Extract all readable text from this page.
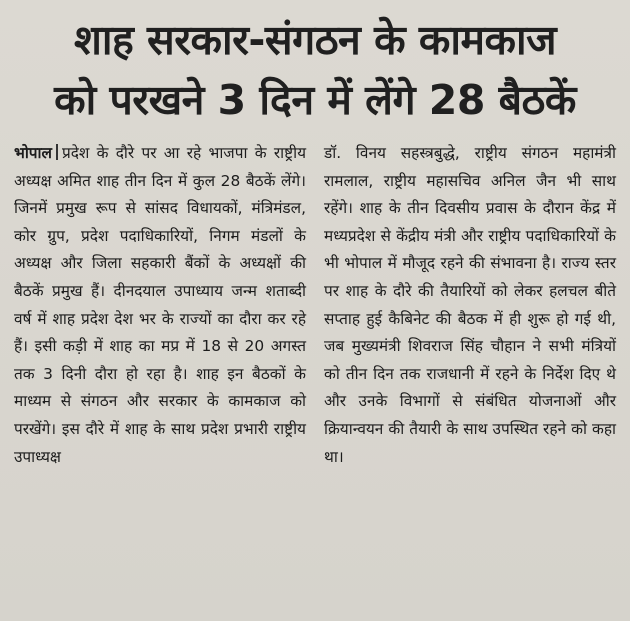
शाह सरकार-संगठन के कामकाज
को परखने 3 दिन में लेंगे 28 बैठकें
भोपाल प्रदेश के दौरे पर आ रहे भाजपा के राष्ट्रीय अध्यक्ष अमित शाह तीन दिन में कुल 28 बैठकें लेंगे। जिनमें प्रमुख रूप से सांसद विधायकों, मंत्रिमंडल, कोर ग्रुप, प्रदेश पदाधिकारियों, निगम मंडलों के अध्यक्ष और जिला सहकारी बैंकों के अध्यक्षों की बैठकें प्रमुख हैं। दीनदयाल उपाध्याय जन्म शताब्दी वर्ष में शाह प्रदेश देश भर के राज्यों का दौरा कर रहे हैं। इसी कड़ी में शाह का मप्र में 18 से 20 अगस्त तक 3 दिनी दौरा हो रहा है। शाह इन बैठकों के माध्यम से संगठन और सरकार के कामकाज को परखेंगे। इस दौरे में शाह के साथ प्रदेश प्रभारी राष्ट्रीय उपाध्यक्ष
डॉ. विनय सहस्त्रबुद्धे, राष्ट्रीय संगठन महामंत्री रामलाल, राष्ट्रीय महासचिव अनिल जैन भी साथ रहेंगे। शाह के तीन दिवसीय प्रवास के दौरान केंद्र में मध्यप्रदेश से केंद्रीय मंत्री और राष्ट्रीय पदाधिकारियों के भी भोपाल में मौजूद रहने की संभावना है। राज्य स्तर पर शाह के दौरे की तैयारियों को लेकर हलचल बीते सप्ताह हुई कैबिनेट की बैठक में ही शुरू हो गई थी, जब मुख्यमंत्री शिवराज सिंह चौहान ने सभी मंत्रियों को तीन दिन तक राजधानी में रहने के निर्देश दिए थे और उनके विभागों से संबंधित योजनाओं और क्रियान्वयन की तैयारी के साथ उपस्थित रहने को कहा था।
